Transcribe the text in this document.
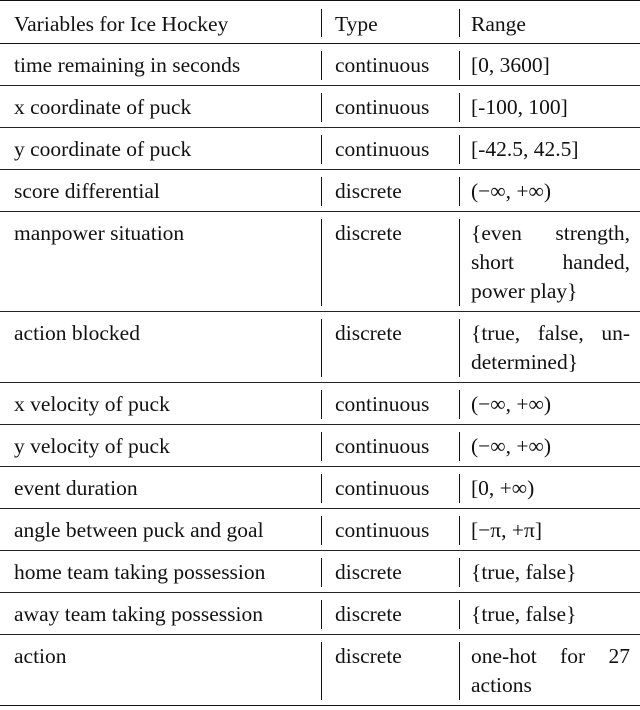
Variables for Ice Hockey	Type	Range
time remaining in seconds	continuous	[0, 3600]
x coordinate of puck	continuous	[-100, 100]
y coordinate of puck	continuous	[-42.5, 42.5]
score differential	discrete	(−∞, +∞)
manpower situation	discrete	{even strength, short handed, power play}
action blocked	discrete	{true, false, un-determined}
x velocity of puck	continuous	(−∞, +∞)
y velocity of puck	continuous	(−∞, +∞)
event duration	continuous	[0, +∞)
angle between puck and goal	continuous	[−π, +π]
home team taking possession	discrete	{true, false}
away team taking possession	discrete	{true, false}
action	discrete	one-hot for 27 actions
